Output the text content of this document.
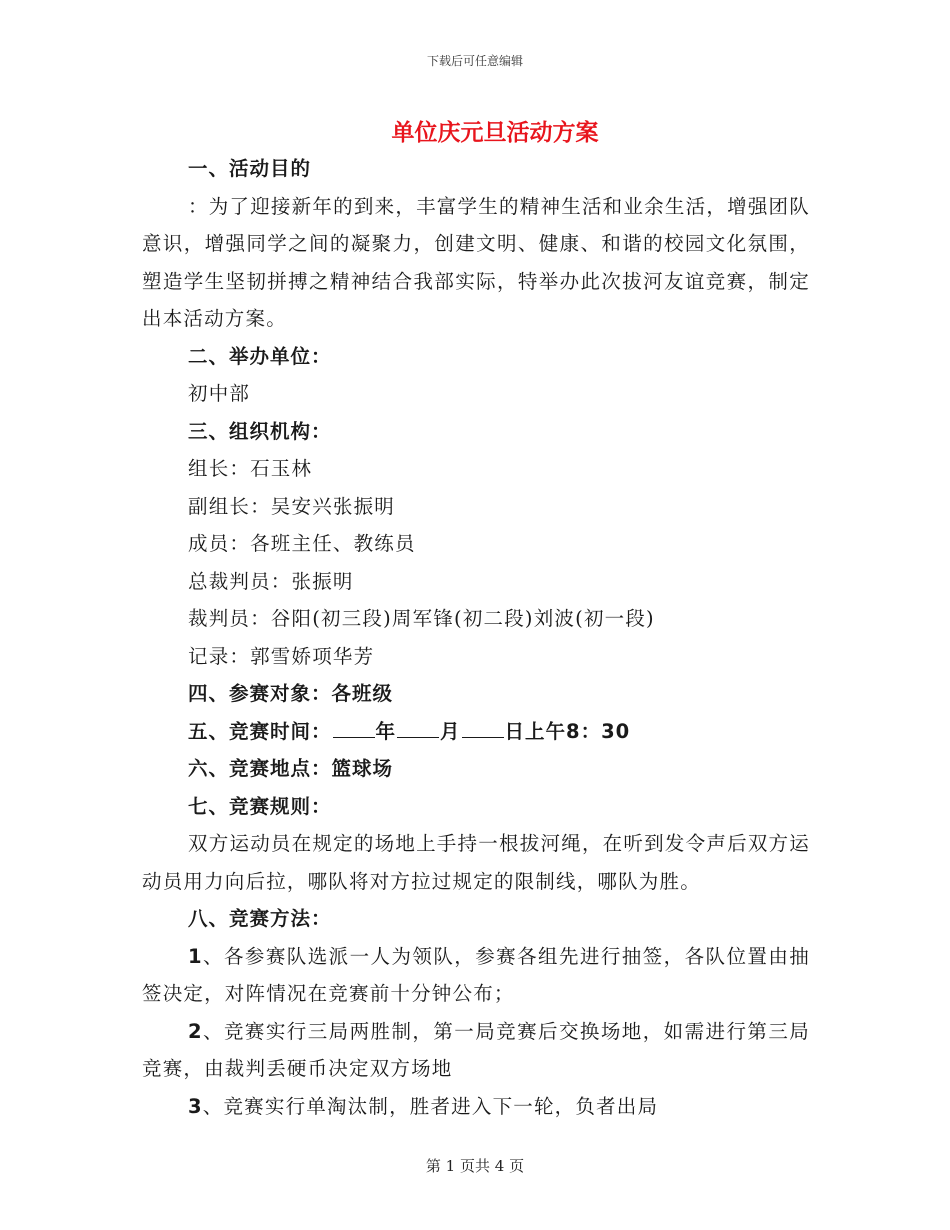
下载后可任意编辑
单位庆元旦活动方案
一、活动目的
：为了迎接新年的到来，丰富学生的精神生活和业余生活，增强团队意识，增强同学之间的凝聚力，创建文明、健康、和谐的校园文化氛围，塑造学生坚韧拼搏之精神结合我部实际，特举办此次拔河友谊竞赛，制定出本活动方案。
二、举办单位：
初中部
三、组织机构：
组长：石玉林
副组长：吴安兴张振明
成员：各班主任、教练员
总裁判员：张振明
裁判员：谷阳(初三段)周军锋(初二段)刘波(初一段)
记录：郭雪娇项华芳
四、参赛对象：各班级
五、竞赛时间： 年 月 日上午8：30
六、竞赛地点：篮球场
七、竞赛规则：
双方运动员在规定的场地上手持一根拔河绳，在听到发令声后双方运动员用力向后拉，哪队将对方拉过规定的限制线，哪队为胜。
八、竞赛方法：
1、各参赛队选派一人为领队，参赛各组先进行抽签，各队位置由抽签决定，对阵情况在竞赛前十分钟公布；
2、竞赛实行三局两胜制，第一局竞赛后交换场地，如需进行第三局竞赛，由裁判丢硬币决定双方场地
3、竞赛实行单淘汰制，胜者进入下一轮，负者出局
第 1 页共 4 页
